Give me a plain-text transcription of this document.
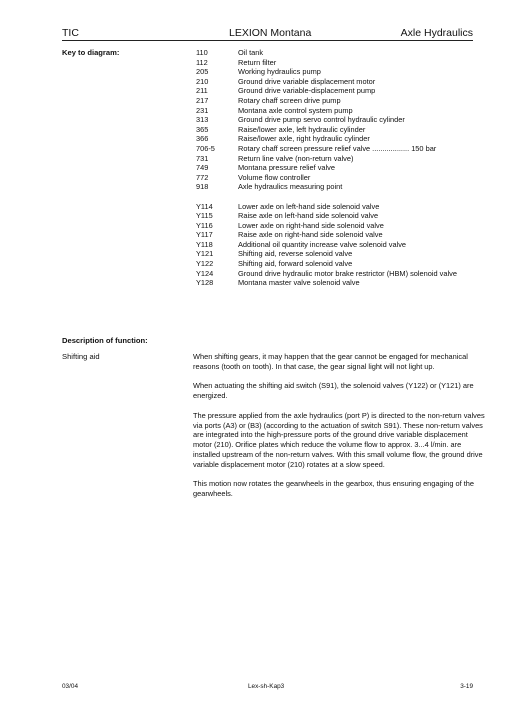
TIC	LEXION Montana	Axle Hydraulics
Key to diagram:	110	Oil tank
112	Return filter
205	Working hydraulics pump
210	Ground drive variable displacement motor
211	Ground drive variable-displacement pump
217	Rotary chaff screen drive pump
231	Montana axle control system pump
313	Ground drive pump servo control hydraulic cylinder
365	Raise/lower axle, left hydraulic cylinder
366	Raise/lower axle, right hydraulic cylinder
706-5	Rotary chaff screen pressure relief valve .................. 150 bar
731	Return line valve (non-return valve)
749	Montana pressure relief valve
772	Volume flow controller
918	Axle hydraulics measuring point
Y114	Lower axle on left-hand side solenoid valve
Y115	Raise axle on left-hand side solenoid valve
Y116	Lower axle on right-hand side solenoid valve
Y117	Raise axle on right-hand side solenoid valve
Y118	Additional oil quantity increase valve solenoid valve
Y121	Shifting aid, reverse solenoid valve
Y122	Shifting aid, forward solenoid valve
Y124	Ground drive hydraulic motor brake restrictor (HBM) solenoid valve
Y128	Montana master valve solenoid valve
Description of function:
Shifting aid	When shifting gears, it may happen that the gear cannot be engaged for mechanical reasons (tooth on tooth). In that case, the gear signal light will not light up.

When actuating the shifting aid switch (S91), the solenoid valves (Y122) or (Y121) are energized.

The pressure applied from the axle hydraulics (port P) is directed to the non-return valves via ports (A3) or (B3) (according to the actuation of switch S91). These non-return valves are integrated into the high-pressure ports of the ground drive variable displacement motor (210). Orifice plates which reduce the volume flow to approx. 3...4 l/min. are installed upstream of the non-return valves. With this small volume flow, the ground drive variable displacement motor (210) rotates at a slow speed.

This motion now rotates the gearwheels in the gearbox, thus ensuring engaging of the gearwheels.

03/04	Lex-sh-Kap3	3-19
